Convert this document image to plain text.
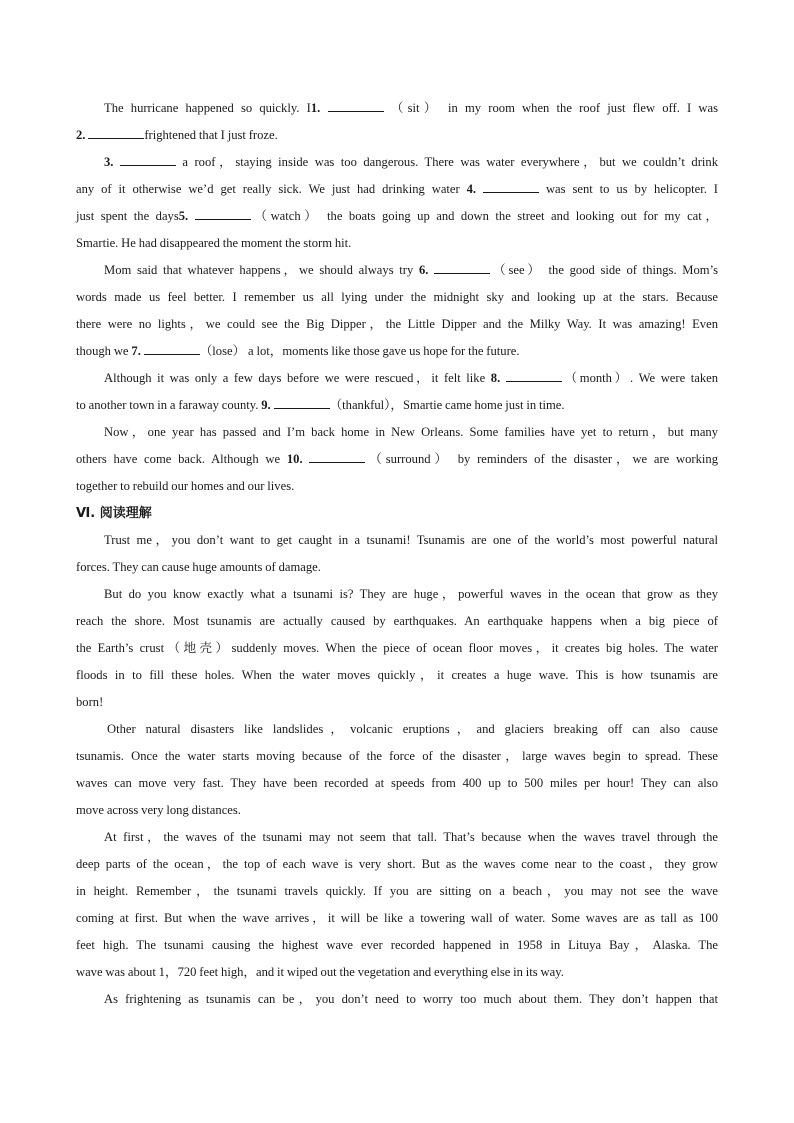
The hurricane happened so quickly. I1.	（sit） in my room when the roof just flew off. I was

2.	frightened that I just froze.

3.	a roof，staying inside was too dangerous. There was water everywhere，but we couldn’t drink

any of it otherwise we’d get really sick. We just had drinking water 4.	was sent to us by helicopter. I

just spent the days5.	（watch） the boats going up and down the street and looking out for my cat，

Smartie. He had disappeared the moment the storm hit.

Mom said that whatever happens，we should always try 6.	（see） the good side of things. Mom’s

words made us feel better. I remember us all lying under the midnight sky and looking up at the stars. Because

there were no lights，we could see the Big Dipper，the Little Dipper and the Milky Way. It was amazing! Even

though we 7.	（lose） a lot，moments like those gave us hope for the future.

Although it was only a few days before we were rescued，it felt like 8.	（month）. We were taken

to another town in a faraway county. 9.	（thankful），Smartie came home just in time.

Now，one year has passed and I’m back home in New Orleans. Some families have yet to return，but many

others have come back. Although we 10.	（surround） by reminders of the disaster，we are working

together to rebuild our homes and our lives.

Ⅵ. 阅读理解

Trust me，you don’t want to get caught in a tsunami! Tsunamis are one of the world’s most powerful natural

forces. They can cause huge amounts of damage.

But do you know exactly what a tsunami is? They are huge，powerful waves in the ocean that grow as they

reach the shore. Most tsunamis are actually caused by earthquakes. An earthquake happens when a big piece of

the Earth’s crust（地壳）suddenly moves. When the piece of ocean floor moves，it creates big holes. The water

floods in to fill these holes. When the water moves quickly，it creates a huge wave. This is how tsunamis are

born!

Other natural disasters like landslides，volcanic eruptions，and glaciers breaking off can also cause

tsunamis. Once the water starts moving because of the force of the disaster，large waves begin to spread. These

waves can move very fast. They have been recorded at speeds from 400 up to 500 miles per hour! They can also

move across very long distances.

At first，the waves of the tsunami may not seem that tall. That’s because when the waves travel through the

deep parts of the ocean，the top of each wave is very short. But as the waves come near to the coast，they grow

in height. Remember，the tsunami travels quickly. If you are sitting on a beach，you may not see the wave

coming at first. But when the wave arrives，it will be like a towering wall of water. Some waves are as tall as 100

feet high. The tsunami causing the highest wave ever recorded happened in 1958 in Lituya Bay，Alaska. The

wave was about 1，720 feet high，and it wiped out the vegetation and everything else in its way.

As frightening as tsunamis can be，you don’t need to worry too much about them. They don’t happen that
